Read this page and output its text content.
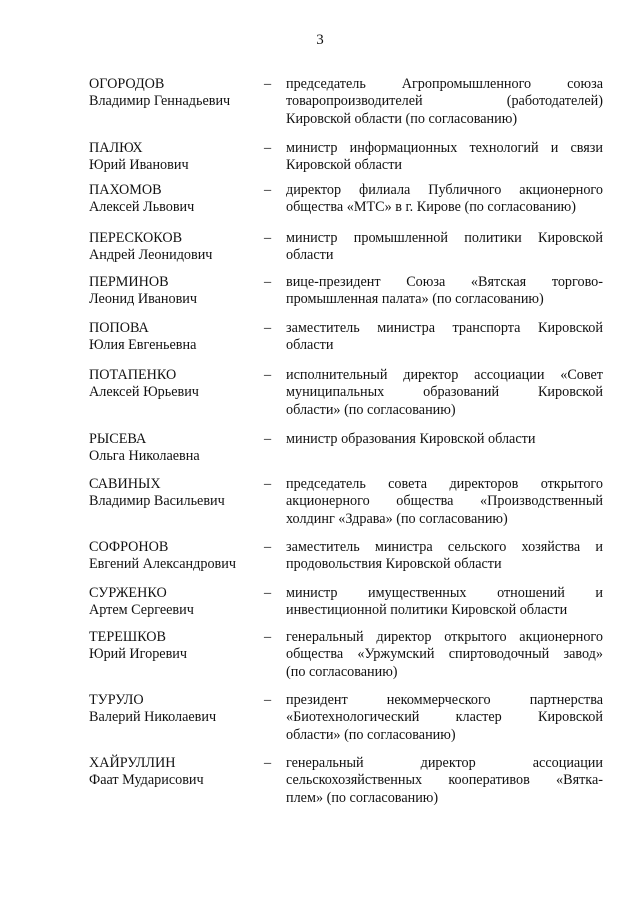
3
ОГОРОДОВ
Владимир Геннадьевич
– председатель Агропромышленного союза
товаропроизводителей (работодателей)
Кировской области (по согласованию)
ПАЛЮХ
Юрий Иванович
– министр информационных технологий и связи
Кировской области
ПАХОМОВ
Алексей Львович
– директор филиала Публичного акционерного
общества «МТС» в г. Кирове (по согласованию)
ПЕРЕСКОКОВ
Андрей Леонидович
– министр промышленной политики Кировской
области
ПЕРМИНОВ
Леонид Иванович
– вице-президент Союза «Вятская торгово-
промышленная палата» (по согласованию)
ПОПОВА
Юлия Евгеньевна
– заместитель министра транспорта Кировской
области
ПОТАПЕНКО
Алексей Юрьевич
– исполнительный директор ассоциации «Совет
муниципальных образований Кировской
области» (по согласованию)
РЫСЕВА
Ольга Николаевна
– министр образования Кировской области
САВИНЫХ
Владимир Васильевич
– председатель совета директоров открытого
акционерного общества «Производственный
холдинг «Здрава» (по согласованию)
СОФРОНОВ
Евгений Александрович
– заместитель министра сельского хозяйства и
продовольствия Кировской области
СУРЖЕНКО
Артем Сергеевич
– министр имущественных отношений и
инвестиционной политики Кировской области
ТЕРЕШКОВ
Юрий Игоревич
– генеральный директор открытого акционерного
общества «Уржумский спиртоводочный завод»
(по согласованию)
ТУРУЛО
Валерий Николаевич
– президент некоммерческого партнерства
«Биотехнологический кластер Кировской
области» (по согласованию)
ХАЙРУЛЛИН
Фаат Мударисович
– генеральный директор ассоциации
сельскохозяйственных кооперативов «Вятка-
плем» (по согласованию)
